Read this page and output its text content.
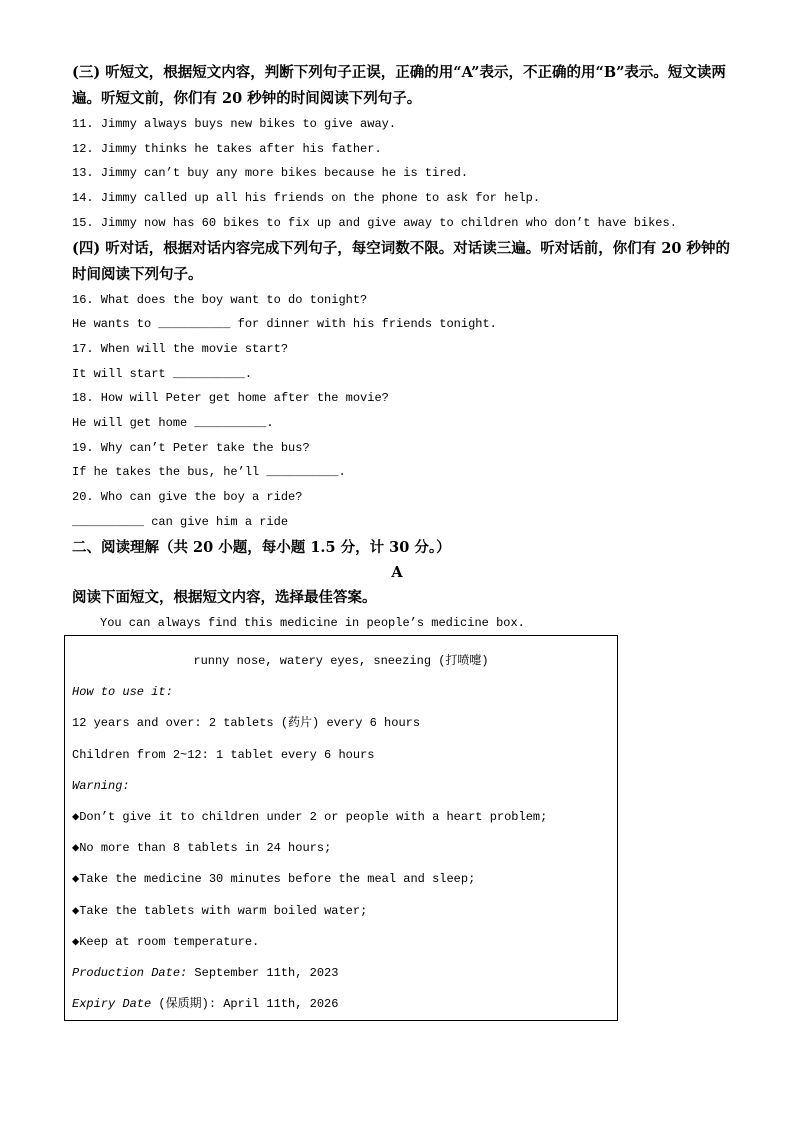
(三) 听短文，根据短文内容，判断下列句子正误，正确的用“A”表示，不正确的用“B”表示。短文读两遍。听短文前，你们有 20 秒钟的时间阅读下列句子。

11. Jimmy always buys new bikes to give away.

12. Jimmy thinks he takes after his father.

13. Jimmy can’t buy any more bikes because he is tired.

14. Jimmy called up all his friends on the phone to ask for help.

15. Jimmy now has 60 bikes to fix up and give away to children who don’t have bikes.

(四) 听对话，根据对话内容完成下列句子，每空词数不限。对话读三遍。听对话前，你们有 20 秒钟的时间阅读下列句子。

16. What does the boy want to do tonight?

He wants to __________ for dinner with his friends tonight.

17. When will the movie start?

It will start __________.

18. How will Peter get home after the movie?

He will get home __________.

19. Why can’t Peter take the bus?

If he takes the bus, he’ll __________.

20. Who can give the boy a ride?

__________ can give him a ride

二、阅读理解（共 20 小题，每小题 1.5 分，计 30 分。）

A

阅读下面短文，根据短文内容，选择最佳答案。

You can always find this medicine in people’s medicine box.

runny nose, watery eyes, sneezing (打喷嚏)

How to use it:

12 years and over: 2 tablets (药片) every 6 hours

Children from 2~12: 1 tablet every 6 hours

Warning:

◆Don’t give it to children under 2 or people with a heart problem;

◆No more than 8 tablets in 24 hours;

◆Take the medicine 30 minutes before the meal and sleep;

◆Take the tablets with warm boiled water;

◆Keep at room temperature.

Production Date: September 11th, 2023

Expiry Date (保质期): April 11th, 2026
